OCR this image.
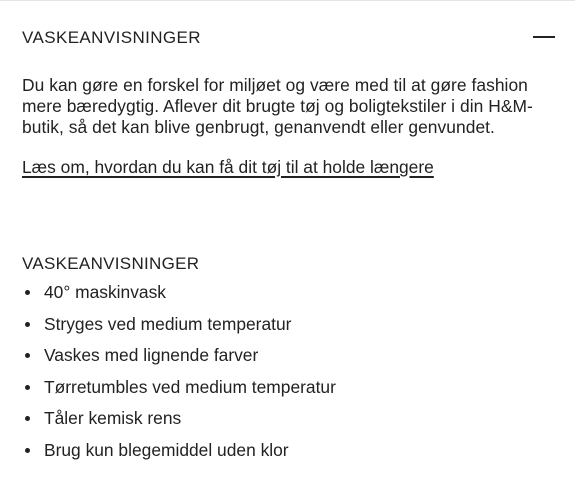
VASKEANVISNINGER

Du kan gøre en forskel for miljøet og være med til at gøre fashion mere bæredygtig. Aflever dit brugte tøj og boligtekstiler i din H&M-butik, så det kan blive genbrugt, genanvendt eller genvundet.

Læs om, hvordan du kan få dit tøj til at holde længere
VASKEANVISNINGER
40° maskinvask
Stryges ved medium temperatur
Vaskes med lignende farver
Tørretumbles ved medium temperatur
Tåler kemisk rens
Brug kun blegemiddel uden klor
